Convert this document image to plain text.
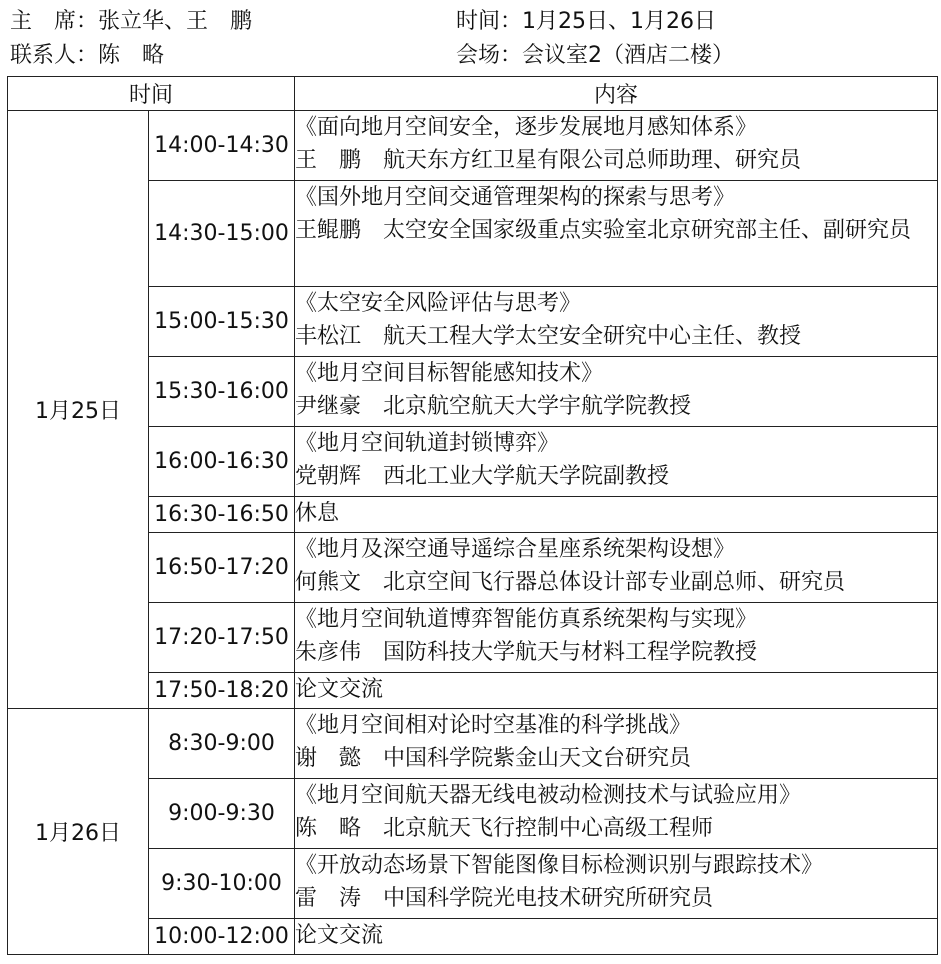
主　席：张立华、王　鹏
联系人：陈　略
时间：1月25日、1月26日
会场：会议室2（酒店二楼）
时间		内容
1月25日	14:00-14:30	《面向地月空间安全，逐步发展地月感知体系》
王　鹏　航天东方红卫星有限公司总师助理、研究员

	14:30-15:00	《国外地月空间交通管理架构的探索与思考》
王鲲鹏　太空安全国家级重点实验室北京研究部主任、副研究员

	15:00-15:30	《太空安全风险评估与思考》
丰松江　航天工程大学太空安全研究中心主任、教授

	15:30-16:00	《地月空间目标智能感知技术》
尹继豪　北京航空航天大学宇航学院教授

	16:00-16:30	《地月空间轨道封锁博弈》
党朝辉　西北工业大学航天学院副教授

	16:30-16:50	休息

	16:50-17:20	《地月及深空通导遥综合星座系统架构设想》
何熊文　北京空间飞行器总体设计部专业副总师、研究员

	17:20-17:50	《地月空间轨道博弈智能仿真系统架构与实现》
朱彦伟　国防科技大学航天与材料工程学院教授

	17:50-18:20	论文交流

1月26日	8:30-9:00	《地月空间相对论时空基准的科学挑战》
谢　懿　中国科学院紫金山天文台研究员

	9:00-9:30	《地月空间航天器无线电被动检测技术与试验应用》
陈　略　北京航天飞行控制中心高级工程师

	9:30-10:00	《开放动态场景下智能图像目标检测识别与跟踪技术》
雷　涛　中国科学院光电技术研究所研究员

	10:00-12:00	论文交流
